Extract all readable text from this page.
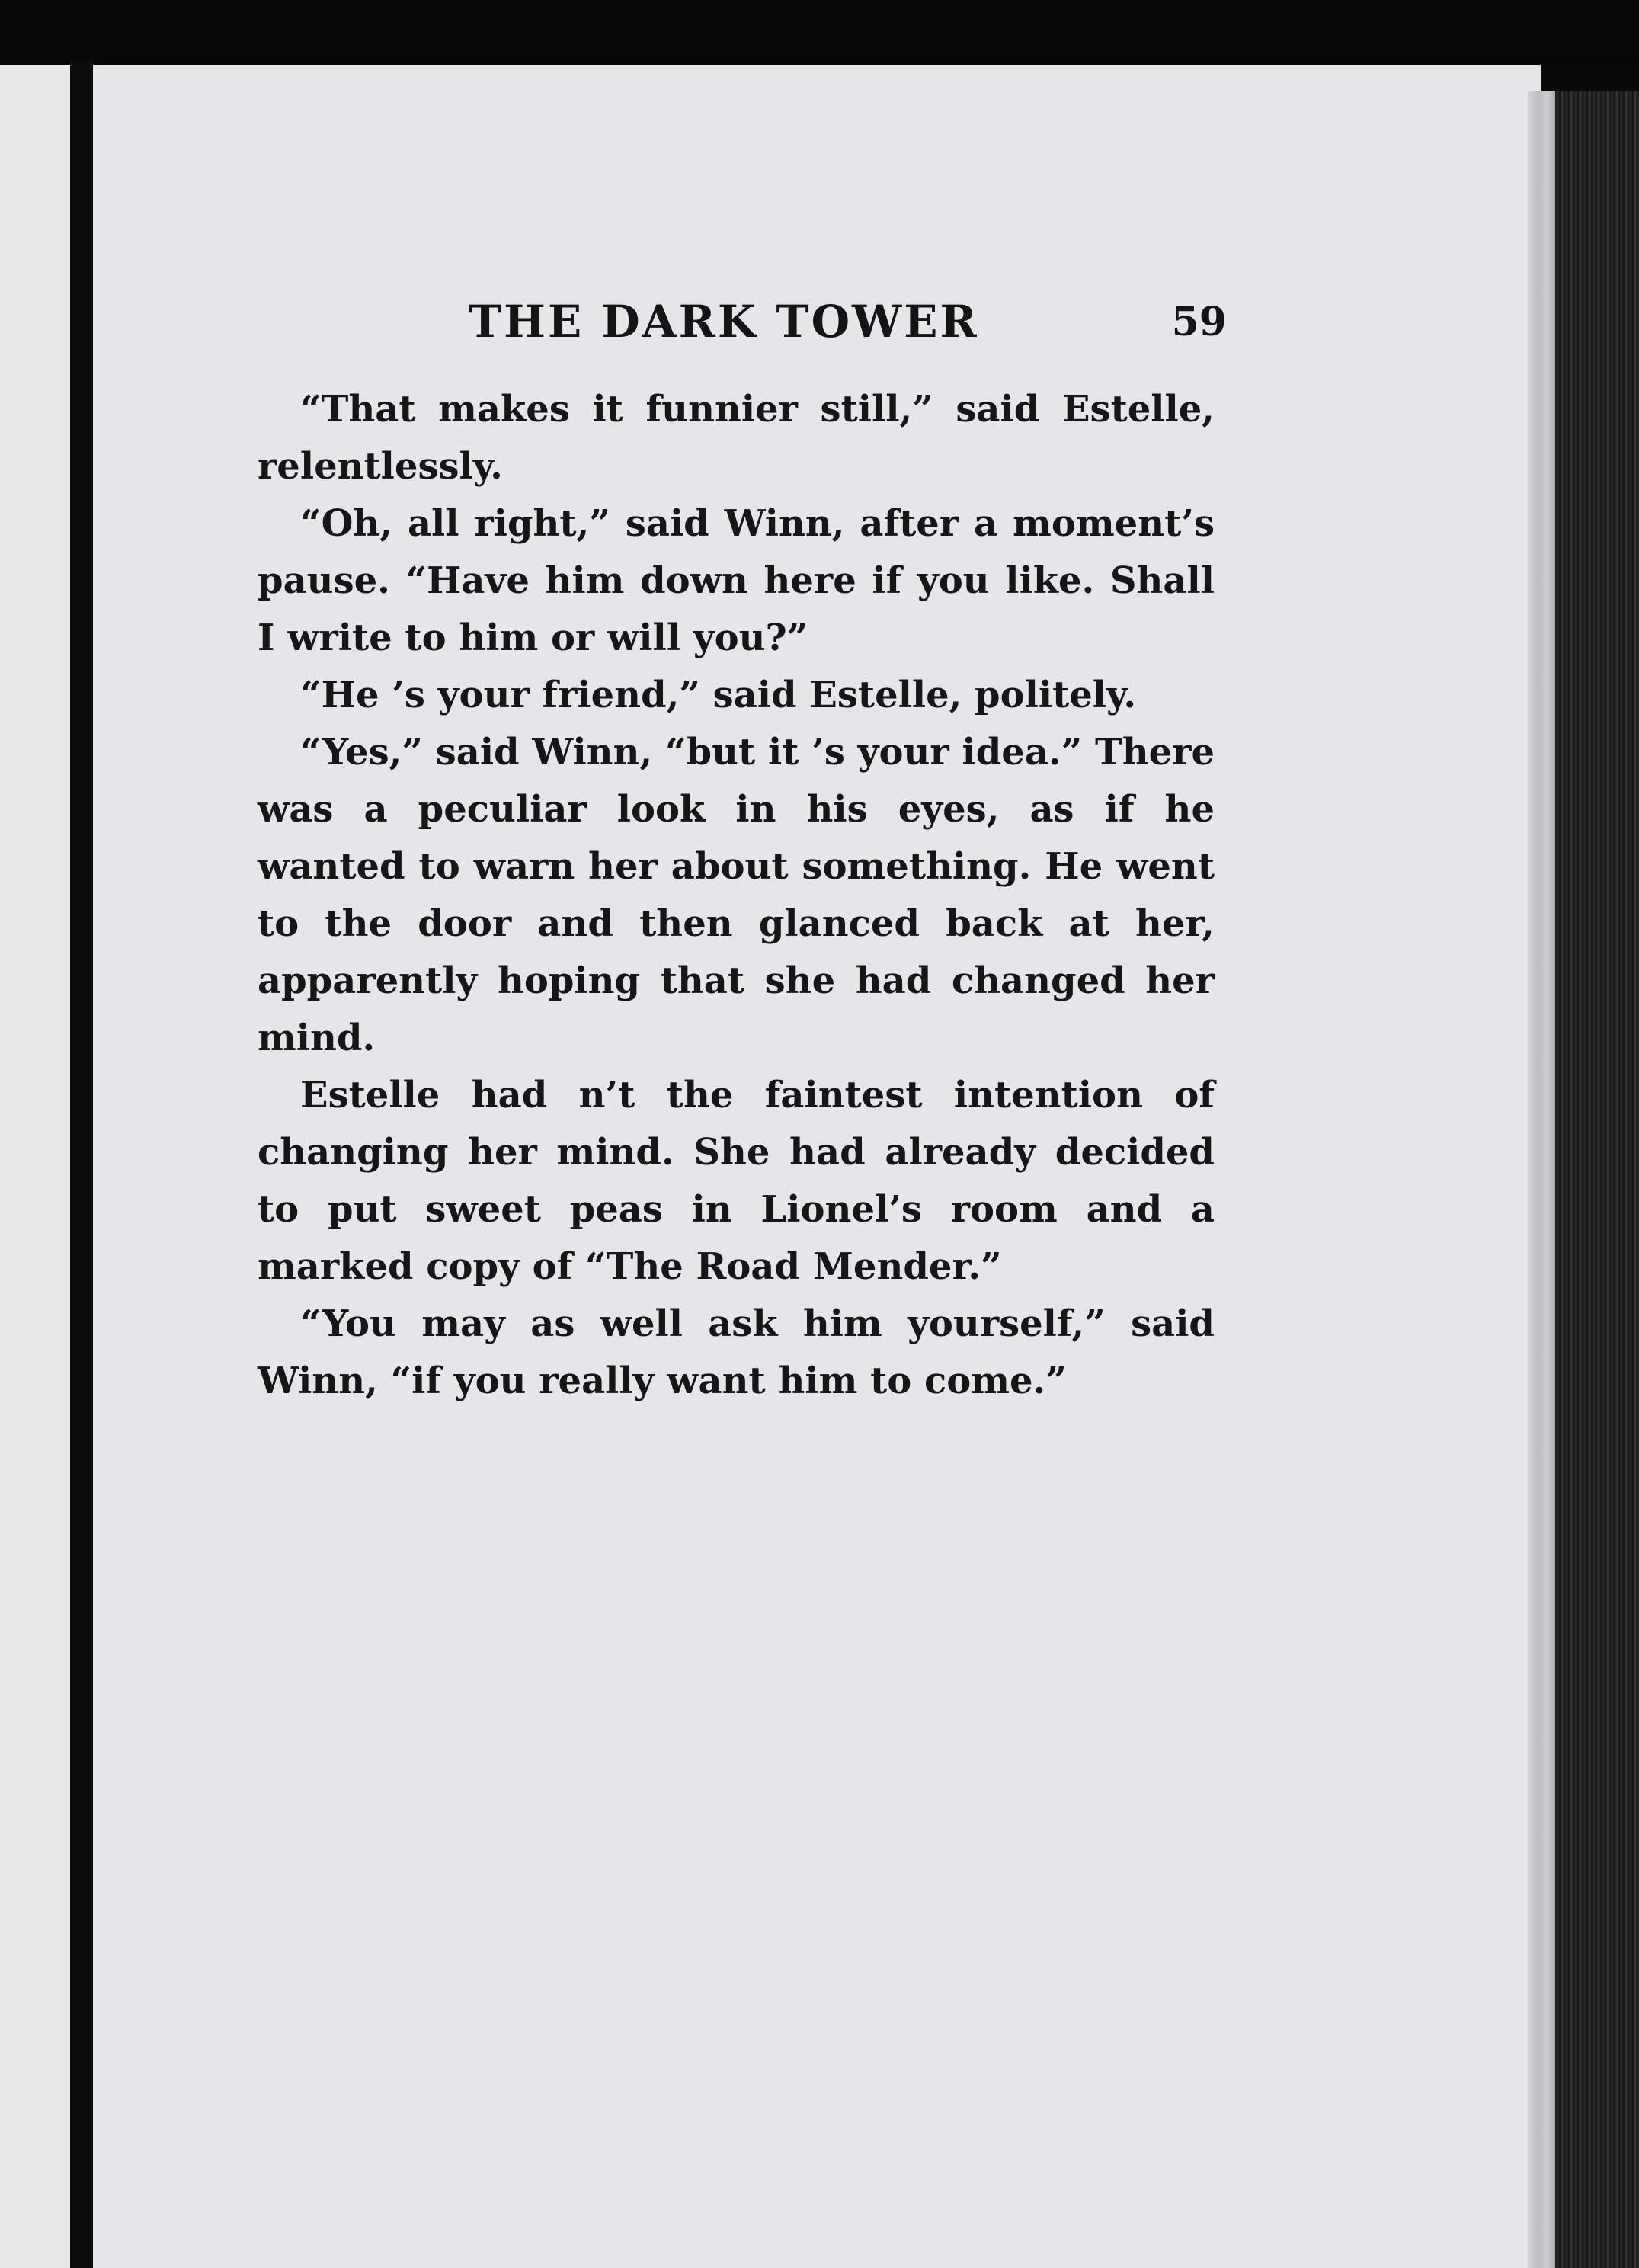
THE DARK TOWER	59

“That makes it funnier still,” said Estelle, relentlessly.

“Oh, all right,” said Winn, after a moment’s pause. “Have him down here if you like. Shall I write to him or will you?”

“He ’s your friend,” said Estelle, politely.

“Yes,” said Winn, “but it ’s your idea.” There was a peculiar look in his eyes, as if he wanted to warn her about something. He went to the door and then glanced back at her, apparently hoping that she had changed her mind.

Estelle had n’t the faintest intention of changing her mind. She had already decided to put sweet peas in Lionel’s room and a marked copy of “The Road Mender.”

“You may as well ask him yourself,” said Winn, “if you really want him to come.”
